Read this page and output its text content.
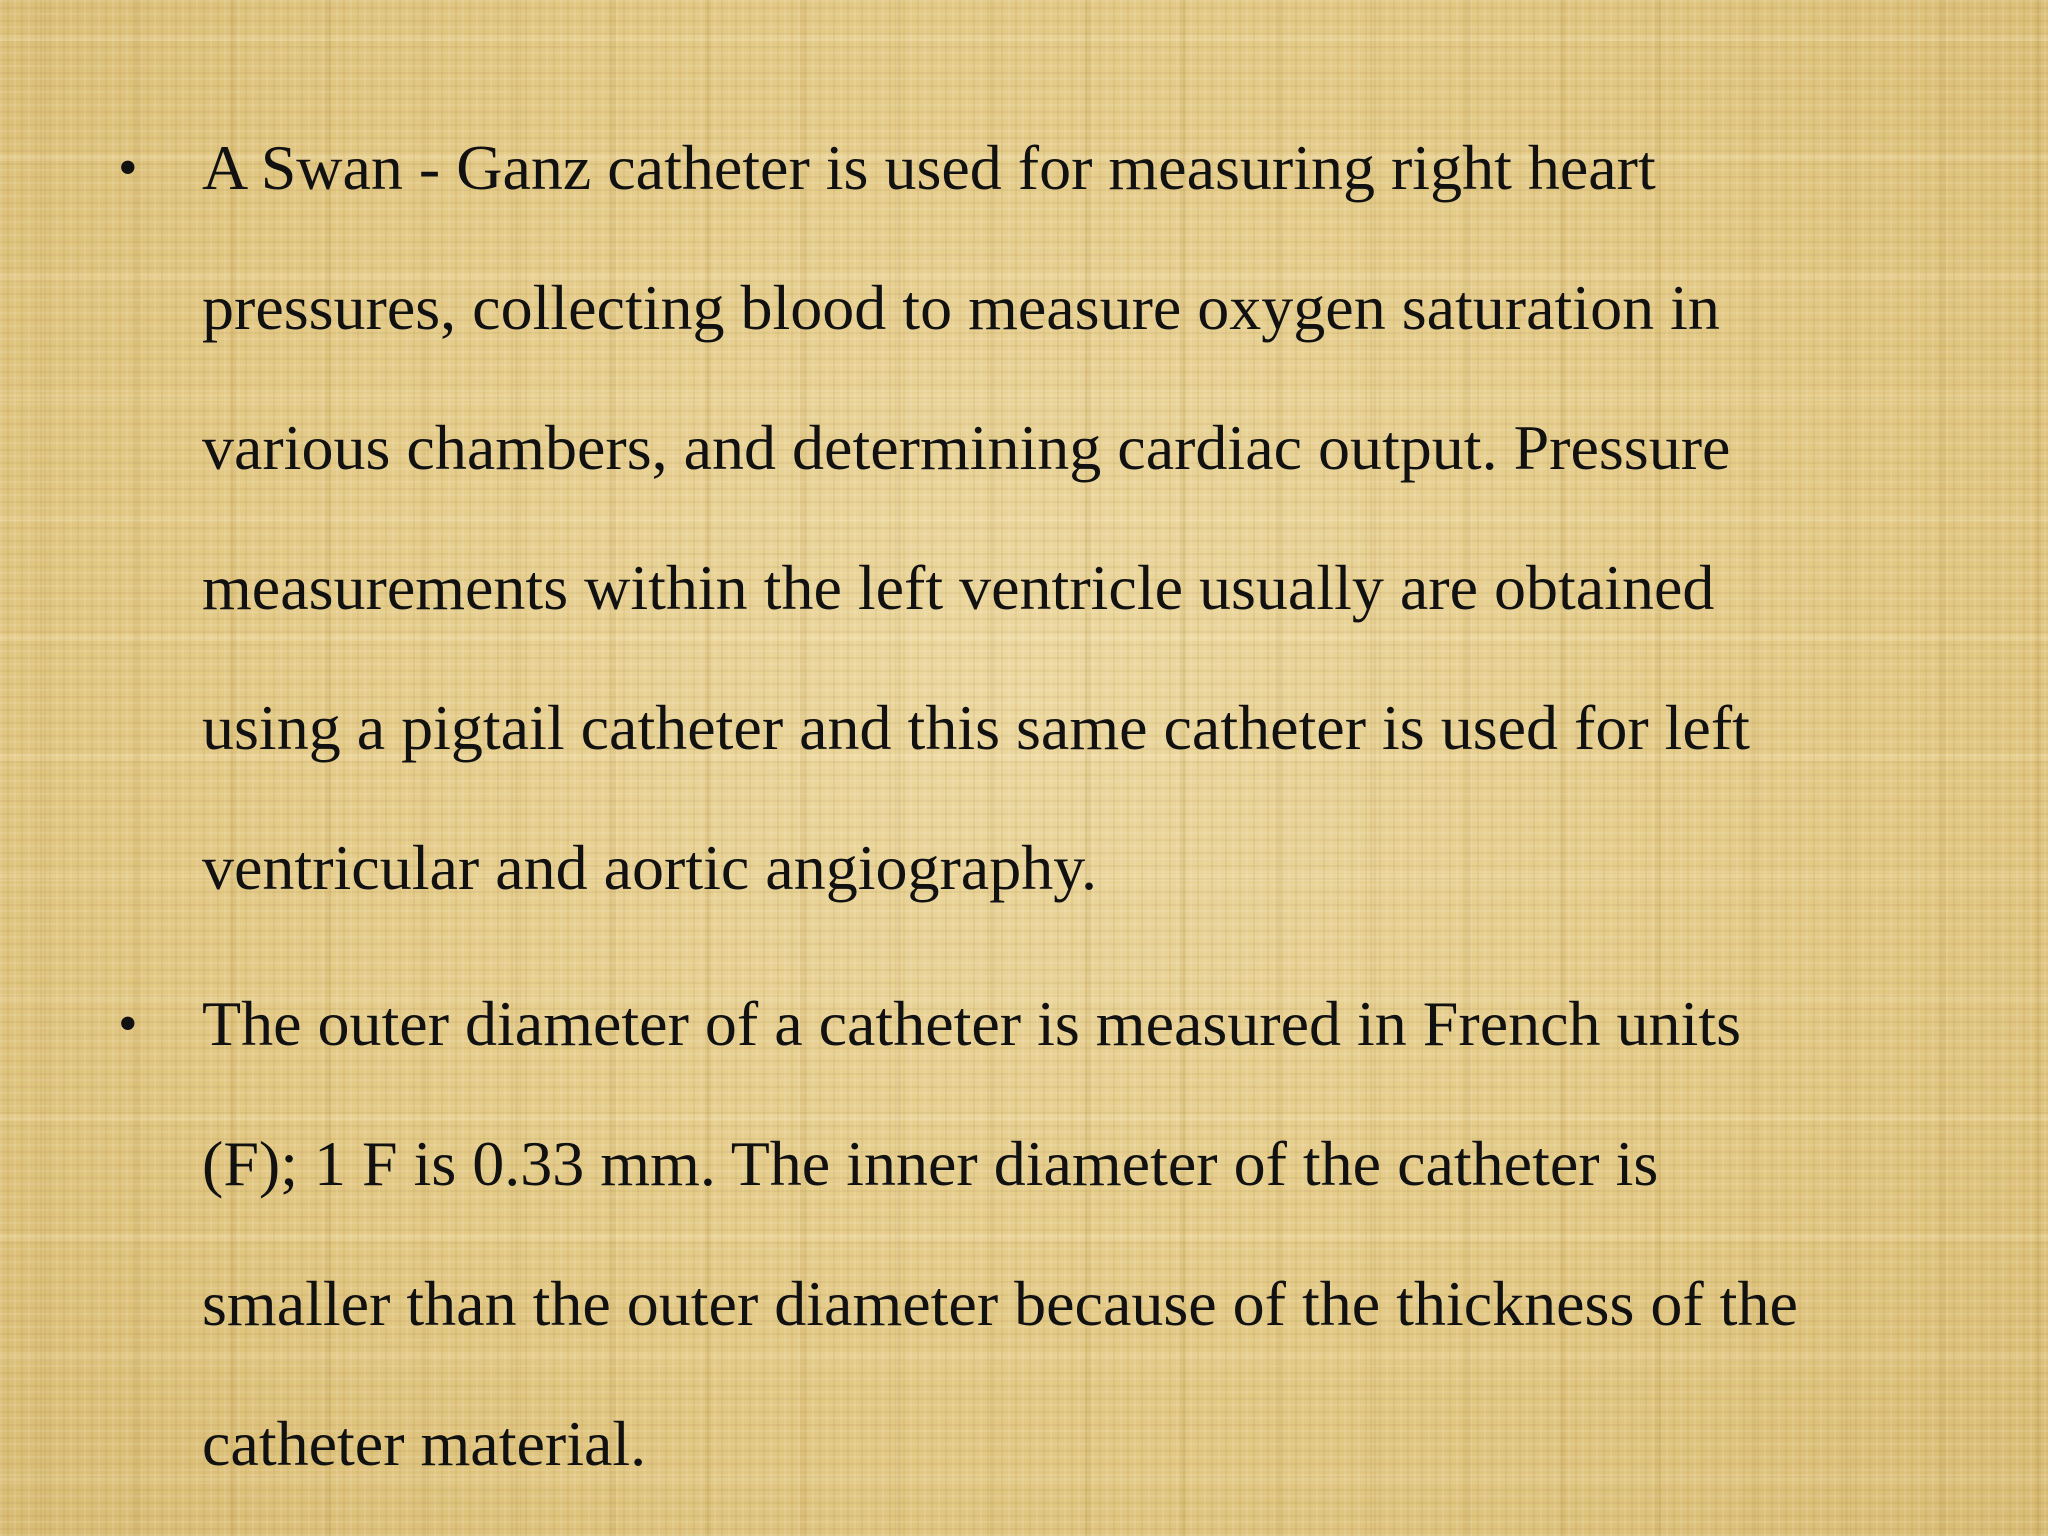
• A Swan - Ganz catheter is used for measuring right heart
pressures, collecting blood to measure oxygen saturation in
various chambers, and determining cardiac output. Pressure
measurements within the left ventricle usually are obtained
using a pigtail catheter and this same catheter is used for left
ventricular and aortic angiography.
• The outer diameter of a catheter is measured in French units
(F); 1 F is 0.33 mm. The inner diameter of the catheter is
smaller than the outer diameter because of the thickness of the
catheter material.
